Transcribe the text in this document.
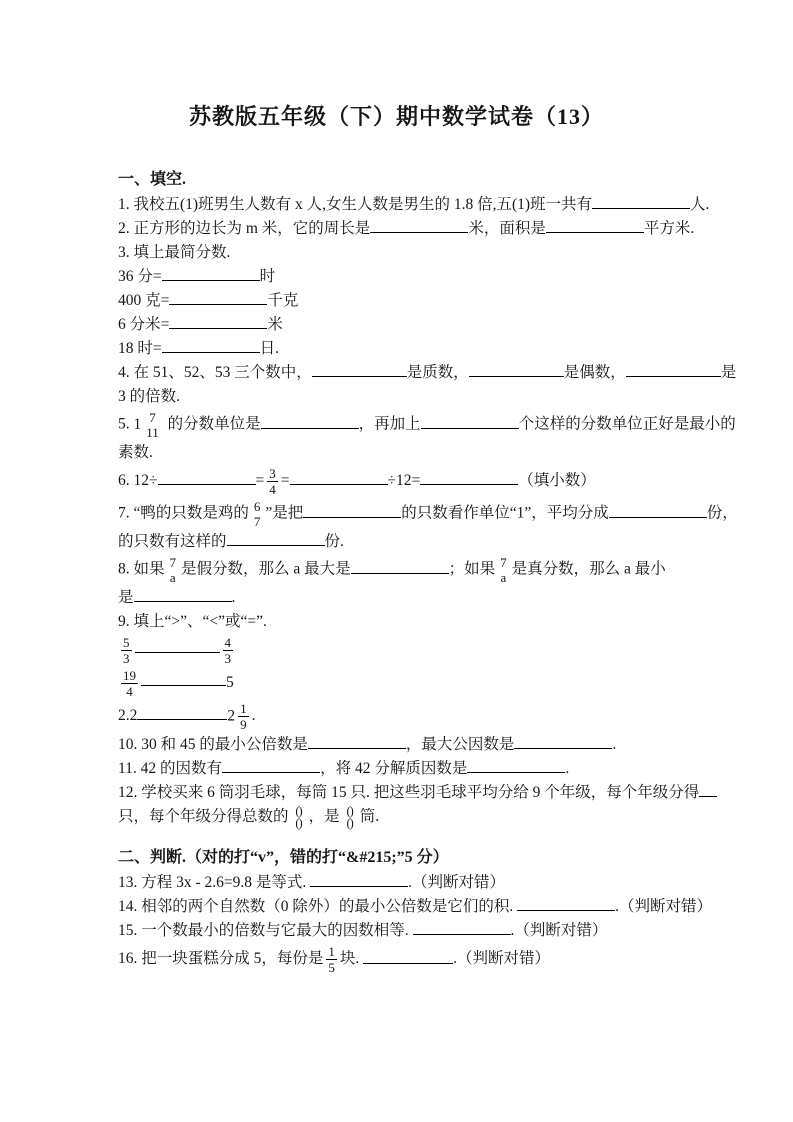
苏教版五年级（下）期中数学试卷（13）
一、填空.
1. 我校五(1)班男生人数有 x 人,女生人数是男生的 1.8 倍,五(1)班一共有	人.
2. 正方形的边长为 m 米，它的周长是	米，面积是	平方米.
3. 填上最简分数.
36 分=	时
400 克=	千克
6 分米=	米
18 时=	日.
4. 在 51、52、53 三个数中，	是质数，	是偶数，	是
3 的倍数.
5. 1 7
11 的分数单位是	，再加上	个这样的分数单位正好是最小的
素数.
6. 12÷	= $\frac{3}{4}$ =	÷12=	（填小数）
7. “鸭的只数是鸡的 6
7 ”是把	的只数看作单位“1”，平均分成	份，
的只数有这样的	份.
8. 如果 7
a 是假分数，那么 a 最大是	；如果 7
a 是真分数，那么 a 最小
是	.
9. 填上“>”、“<”或“=”.
$\frac{5}{3}$	$\frac{4}{3}$
$\frac{19}{4}$	5
2.2	$2 \frac{1}{9}$ .
10. 30 和 45 的最小公倍数是	，最大公因数是	.
11. 42 的因数有	，将 42 分解质因数是	.
12. 学校买来 6 筒羽毛球，每筒 15 只. 把这些羽毛球平均分给 9 个年级，每个年级分得
只，每个年级分得总数的 ()
() ，是 ()
() 筒.
二、判断.（对的打“v”，错的打“&#215;”5 分）
13. 方程 3x - 2.6=9.8 是等式.	.（判断对错）
14. 相邻的两个自然数（0 除外）的最小公倍数是它们的积.	.（判断对错）
15. 一个数最小的倍数与它最大的因数相等.	.（判断对错）
16. 把一块蛋糕分成 5，每份是 $\frac{1}{5}$ 块.	.（判断对错）
